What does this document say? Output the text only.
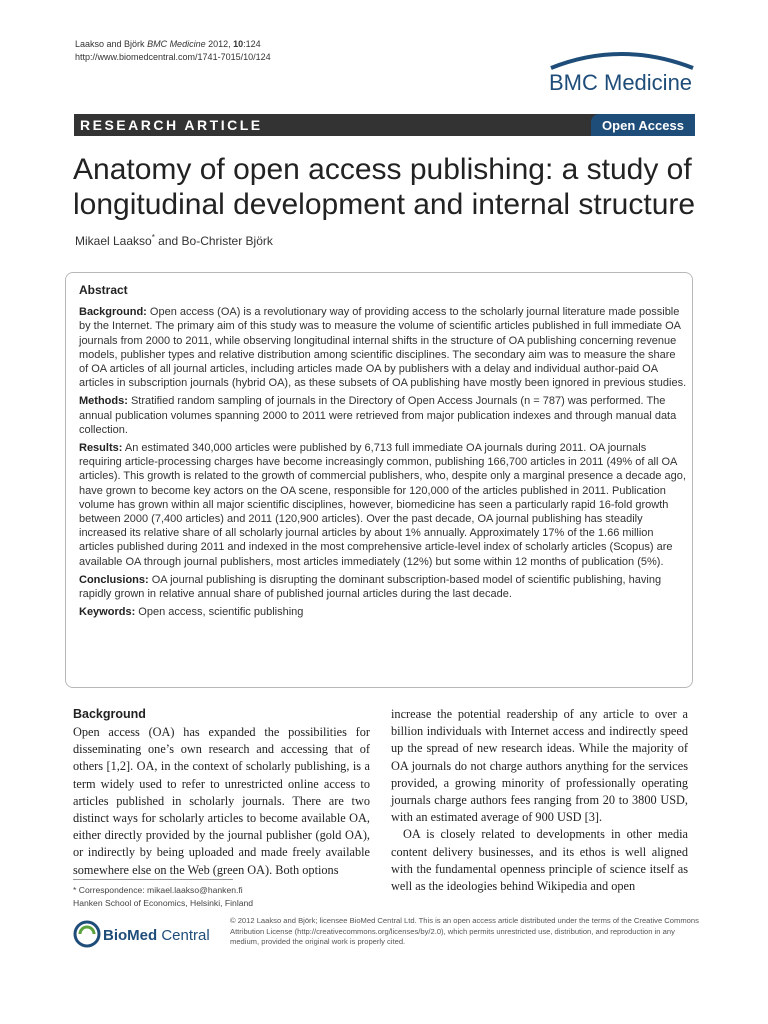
Laakso and Björk BMC Medicine 2012, 10:124
http://www.biomedcentral.com/1741-7015/10/124
BMC Medicine
RESEARCH ARTICLE	Open Access
Anatomy of open access publishing: a study of longitudinal development and internal structure
Mikael Laakso* and Bo-Christer Björk
Abstract

Background: Open access (OA) is a revolutionary way of providing access to the scholarly journal literature made possible by the Internet. The primary aim of this study was to measure the volume of scientific articles published in full immediate OA journals from 2000 to 2011, while observing longitudinal internal shifts in the structure of OA publishing concerning revenue models, publisher types and relative distribution among scientific disciplines. The secondary aim was to measure the share of OA articles of all journal articles, including articles made OA by publishers with a delay and individual author-paid OA articles in subscription journals (hybrid OA), as these subsets of OA publishing have mostly been ignored in previous studies.

Methods: Stratified random sampling of journals in the Directory of Open Access Journals (n = 787) was performed. The annual publication volumes spanning 2000 to 2011 were retrieved from major publication indexes and through manual data collection.

Results: An estimated 340,000 articles were published by 6,713 full immediate OA journals during 2011. OA journals requiring article-processing charges have become increasingly common, publishing 166,700 articles in 2011 (49% of all OA articles). This growth is related to the growth of commercial publishers, who, despite only a marginal presence a decade ago, have grown to become key actors on the OA scene, responsible for 120,000 of the articles published in 2011. Publication volume has grown within all major scientific disciplines, however, biomedicine has seen a particularly rapid 16-fold growth between 2000 (7,400 articles) and 2011 (120,900 articles). Over the past decade, OA journal publishing has steadily increased its relative share of all scholarly journal articles by about 1% annually. Approximately 17% of the 1.66 million articles published during 2011 and indexed in the most comprehensive article-level index of scholarly articles (Scopus) are available OA through journal publishers, most articles immediately (12%) but some within 12 months of publication (5%).

Conclusions: OA journal publishing is disrupting the dominant subscription-based model of scientific publishing, having rapidly grown in relative annual share of published journal articles during the last decade.

Keywords: Open access, scientific publishing

Background

Open access (OA) has expanded the possibilities for disseminating one’s own research and accessing that of others [1,2]. OA, in the context of scholarly publishing, is a term widely used to refer to unrestricted online access to articles published in scholarly journals. There are two distinct ways for scholarly articles to become available OA, either directly provided by the journal publisher (gold OA), or indirectly by being uploaded and made freely available somewhere else on the Web (green OA). Both options

increase the potential readership of any article to over a billion individuals with Internet access and indirectly speed up the spread of new research ideas. While the majority of OA journals do not charge authors anything for the services provided, a growing minority of professionally operating journals charge authors fees ranging from 20 to 3800 USD, with an estimated average of 900 USD [3].

OA is closely related to developments in other media content delivery businesses, and its ethos is well aligned with the fundamental openness principle of science itself as well as the ideologies behind Wikipedia and open

* Correspondence: mikael.laakso@hanken.fi
Hanken School of Economics, Helsinki, Finland
BioMed Central
© 2012 Laakso and Björk; licensee BioMed Central Ltd. This is an open access article distributed under the terms of the Creative Commons Attribution License (http://creativecommons.org/licenses/by/2.0), which permits unrestricted use, distribution, and reproduction in any medium, provided the original work is properly cited.
